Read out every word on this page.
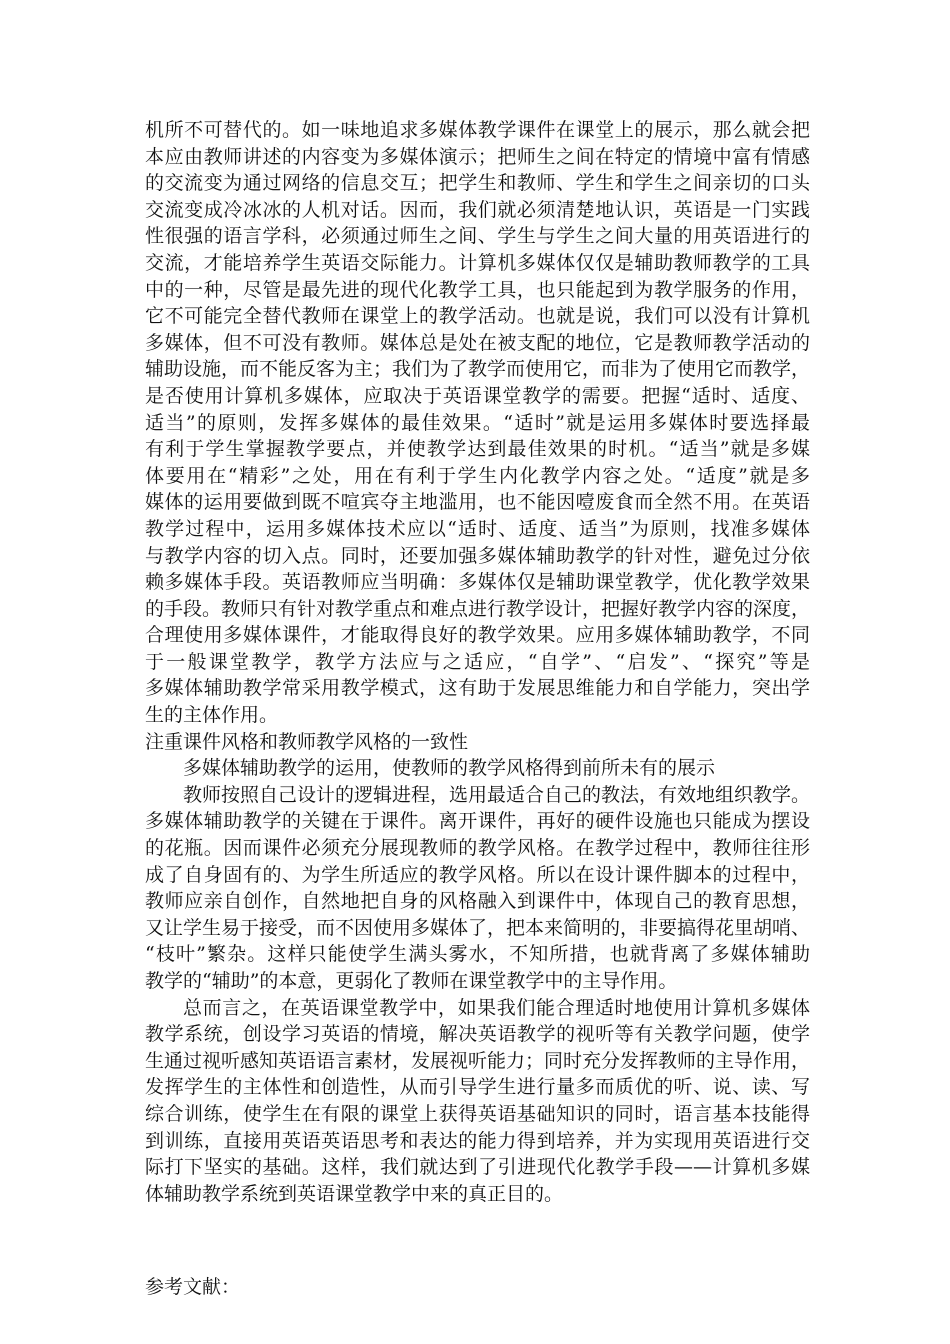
机所不可替代的。如一味地追求多媒体教学课件在课堂上的展示，那么就会把
本应由教师讲述的内容变为多媒体演示；把师生之间在特定的情境中富有情感
的交流变为通过网络的信息交互；把学生和教师、学生和学生之间亲切的口头
交流变成冷冰冰的人机对话。因而，我们就必须清楚地认识，英语是一门实践
性很强的语言学科，必须通过师生之间、学生与学生之间大量的用英语进行的
交流，才能培养学生英语交际能力。计算机多媒体仅仅是辅助教师教学的工具
中的一种，尽管是最先进的现代化教学工具，也只能起到为教学服务的作用，
它不可能完全替代教师在课堂上的教学活动。也就是说，我们可以没有计算机
多媒体，但不可没有教师。媒体总是处在被支配的地位，它是教师教学活动的
辅助设施，而不能反客为主；我们为了教学而使用它，而非为了使用它而教学，
是否使用计算机多媒体，应取决于英语课堂教学的需要。把握“适时、适度、
适当”的原则，发挥多媒体的最佳效果。“适时”就是运用多媒体时要选择最
有利于学生掌握教学要点，并使教学达到最佳效果的时机。“适当”就是多媒
体要用在“精彩”之处，用在有利于学生内化教学内容之处。“适度”就是多
媒体的运用要做到既不喧宾夺主地滥用，也不能因噎废食而全然不用。在英语
教学过程中，运用多媒体技术应以“适时、适度、适当”为原则，找准多媒体
与教学内容的切入点。同时，还要加强多媒体辅助教学的针对性，避免过分依
赖多媒体手段。英语教师应当明确：多媒体仅是辅助课堂教学，优化教学效果
的手段。教师只有针对教学重点和难点进行教学设计，把握好教学内容的深度，
合理使用多媒体课件，才能取得良好的教学效果。应用多媒体辅助教学，不同
于一般课堂教学，教学方法应与之适应，“自学”、“启发”、“探究”等是
多媒体辅助教学常采用教学模式，这有助于发展思维能力和自学能力，突出学
生的主体作用。
注重课件风格和教师教学风格的一致性
多媒体辅助教学的运用，使教师的教学风格得到前所未有的展示
教师按照自己设计的逻辑进程，选用最适合自己的教法，有效地组织教学。
多媒体辅助教学的关键在于课件。离开课件，再好的硬件设施也只能成为摆设
的花瓶。因而课件必须充分展现教师的教学风格。在教学过程中，教师往往形
成了自身固有的、为学生所适应的教学风格。所以在设计课件脚本的过程中，
教师应亲自创作，自然地把自身的风格融入到课件中，体现自己的教育思想，
又让学生易于接受，而不因使用多媒体了，把本来简明的，非要搞得花里胡哨、
“枝叶”繁杂。这样只能使学生满头雾水，不知所措，也就背离了多媒体辅助
教学的“辅助”的本意，更弱化了教师在课堂教学中的主导作用。
总而言之，在英语课堂教学中，如果我们能合理适时地使用计算机多媒体
教学系统，创设学习英语的情境，解决英语教学的视听等有关教学问题，使学
生通过视听感知英语语言素材，发展视听能力；同时充分发挥教师的主导作用，
发挥学生的主体性和创造性，从而引导学生进行量多而质优的听、说、读、写
综合训练，使学生在有限的课堂上获得英语基础知识的同时，语言基本技能得
到训练，直接用英语英语思考和表达的能力得到培养，并为实现用英语进行交
际打下坚实的基础。这样，我们就达到了引进现代化教学手段——计算机多媒
体辅助教学系统到英语课堂教学中来的真正目的。
参考文献：
